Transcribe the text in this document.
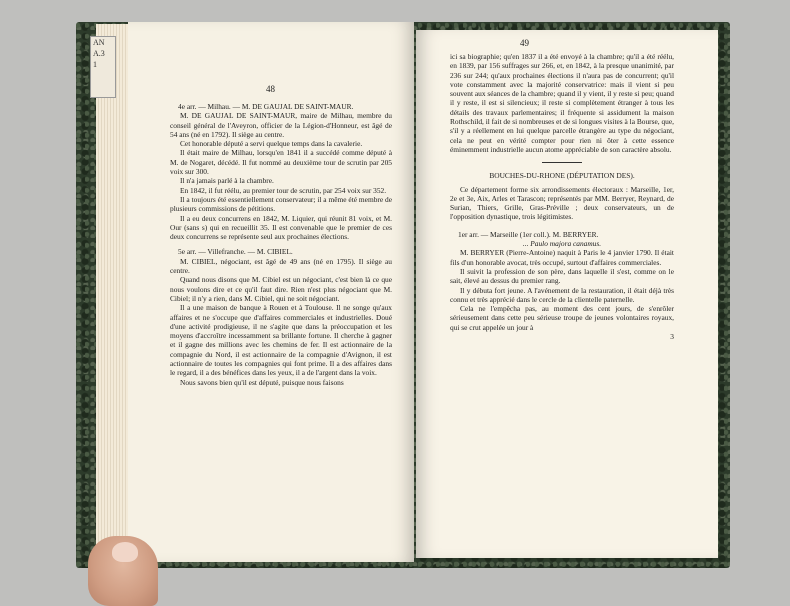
AN
A.3
1
48

4e arr. — Milhau. — M. DE GAUJAL DE SAINT-MAUR.

M. DE GAUJAL DE SAINT-MAUR, maire de Milhau, membre du conseil général de l'Aveyron, officier de la Légion-d'Honneur, est âgé de 54 ans (né en 1792). Il siège au centre.

Cet honorable député a servi quelque temps dans la cavalerie.

Il était maire de Milhau, lorsqu'en 1841 il a succédé comme député à M. de Nogaret, décédé. Il fut nommé au deuxième tour de scrutin par 205 voix sur 300.

Il n'a jamais parlé à la chambre.

En 1842, il fut réélu, au premier tour de scrutin, par 254 voix sur 352.

Il a toujours été essentiellement conservateur; il a même été membre de plusieurs commissions de pétitions.

Il a eu deux concurrens en 1842, M. Liquier, qui réunit 81 voix, et M. Our (sans s) qui en recueillit 35. Il est convenable que le premier de ces deux concurrens se représente seul aux prochaines élections.

5e arr. — Villefranche. — M. CIBIEL.

M. CIBIEL, négociant, est âgé de 49 ans (né en 1795). Il siège au centre.

Quand nous disons que M. Cibiel est un négociant, c'est bien là ce que nous voulons dire et ce qu'il faut dire. Rien n'est plus négociant que M. Cibiel; il n'y a rien, dans M. Cibiel, qui ne soit négociant.

Il a une maison de banque à Rouen et à Toulouse. Il ne songe qu'aux affaires et ne s'occupe que d'affaires commerciales et industrielles. Doué d'une activité prodigieuse, il ne s'agite que dans la préoccupation et les moyens d'accroître incessamment sa brillante fortune. Il cherche à gagner et il gagne des millions avec les chemins de fer. Il est actionnaire de la compagnie du Nord, il est actionnaire de la compagnie d'Avignon, il est actionnaire de toutes les compagnies qui font prime. Il a des affaires dans le regard, il a des bénéfices dans les yeux, il a de l'argent dans la voix.

Nous savons bien qu'il est député, puisque nous faisons

49

ici sa biographie; qu'en 1837 il a été envoyé à la chambre; qu'il a été réélu, en 1839, par 156 suffrages sur 266, et, en 1842, à la presque unanimité, par 236 sur 244; qu'aux prochaines élections il n'aura pas de concurrent; qu'il vote constamment avec la majorité conservatrice: mais il vient si peu souvent aux séances de la chambre; quand il y vient, il y reste si peu; quand il y reste, il est si silencieux; il reste si complètement étranger à tous les détails des travaux parlementaires; il fréquente si assidument la maison Rothschild, il fait de si nombreuses et de si longues visites à la Bourse, que, s'il y a réellement en lui quelque parcelle étrangère au type du négociant, cela ne peut en vérité compter pour rien ni ôter à cette essence éminemment industrielle aucun atome appréciable de son caractère absolu.

BOUCHES-DU-RHONE (DÉPUTATION DES).

Ce département forme six arrondissements électoraux : Marseille, 1er, 2e et 3e, Aix, Arles et Tarascon; représentés par MM. Berryer, Reynard, de Surian, Thiers, Grille, Gras-Préville ; deux conservateurs, un de l'opposition dynastique, trois légitimistes.

1er arr. — Marseille (1er coll.). M. BERRYER.

... Paulo majora canamus.

M. BERRYER (Pierre-Antoine) naquit à Paris le 4 janvier 1790. Il était fils d'un honorable avocat, très occupé, surtout d'affaires commerciales.

Il suivit la profession de son père, dans laquelle il s'est, comme on le sait, élevé au dessus du premier rang.

Il y débuta fort jeune. A l'avénement de la restauration, il était déjà très connu et très apprécié dans le cercle de la clientelle paternelle.

Cela ne l'empêcha pas, au moment des cent jours, de s'enrôler sérieusement dans cette peu sérieuse troupe de jeunes volontaires royaux, qui se crut appelée un jour à

3
